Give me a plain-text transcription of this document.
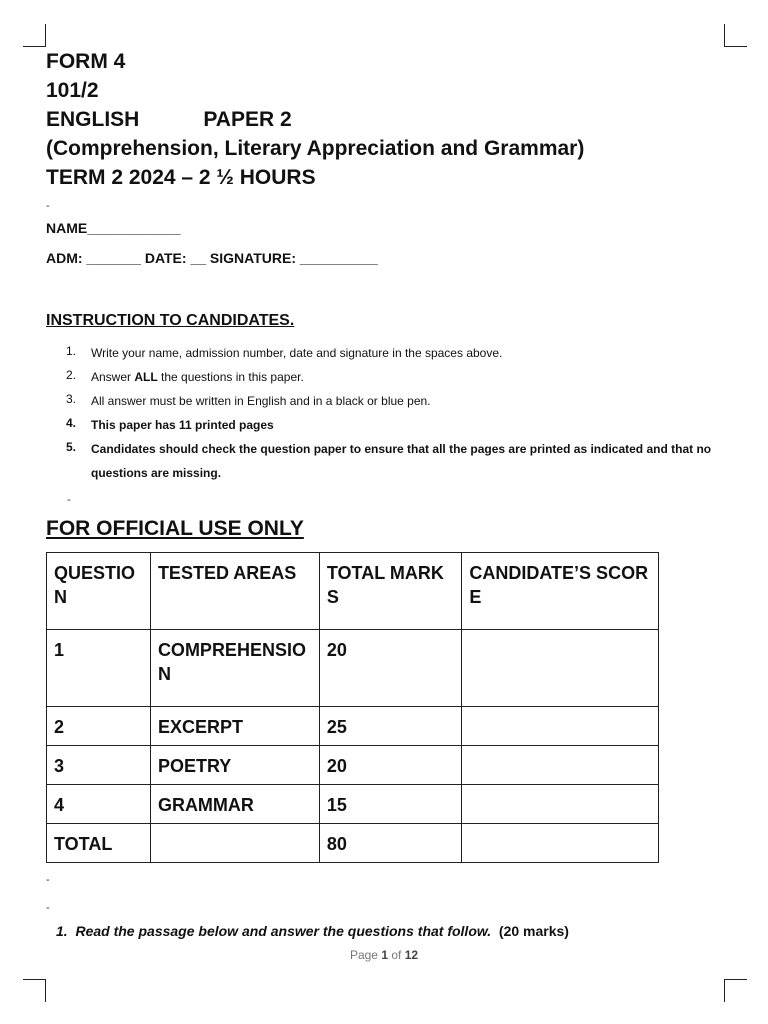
FORM 4
101/2
ENGLISH	PAPER 2
(Comprehension, Literary Appreciation and Grammar)
TERM 2 2024 – 2 ½ HOURS
-
NAME____________
ADM: _______ DATE: __ SIGNATURE: __________
INSTRUCTION TO CANDIDATES.
1.	Write your name, admission number, date and signature in the spaces above.
2.	Answer ALL the questions in this paper.
3.	All answer must be written in English and in a black or blue pen.
4.	This paper has 11 printed pages
5.	Candidates should check the question paper to ensure that all the pages are printed as indicated and that no questions are missing.
-
FOR OFFICIAL USE ONLY
QUESTIO N	TESTED AREAS	TOTAL MARK S	CANDIDATE’S SCOR E
1	COMPREHENSIO N	20	
2	EXCERPT	25	
3	POETRY	20	
4	GRAMMAR	15	
TOTAL		80	
-
-
1. Read the passage below and answer the questions that follow. (20 marks)
Page 1 of 12
